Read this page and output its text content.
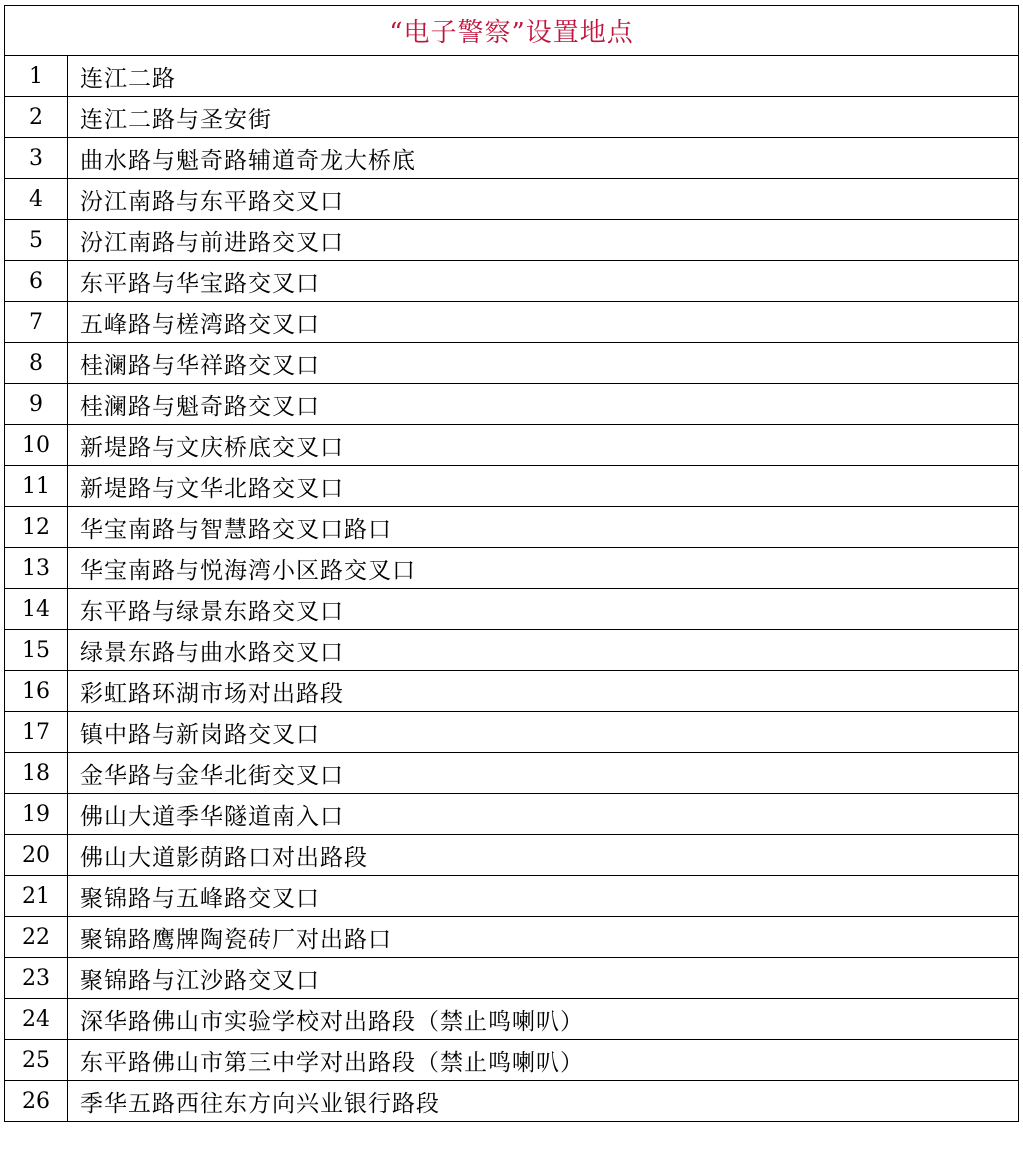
“电子警察”设置地点	
1	连江二路
2	连江二路与圣安街
3	曲水路与魁奇路辅道奇龙大桥底
4	汾江南路与东平路交叉口
5	汾江南路与前进路交叉口
6	东平路与华宝路交叉口
7	五峰路与槎湾路交叉口
8	桂澜路与华祥路交叉口
9	桂澜路与魁奇路交叉口
10	新堤路与文庆桥底交叉口
11	新堤路与文华北路交叉口
12	华宝南路与智慧路交叉口路口
13	华宝南路与悦海湾小区路交叉口
14	东平路与绿景东路交叉口
15	绿景东路与曲水路交叉口
16	彩虹路环湖市场对出路段
17	镇中路与新岗路交叉口
18	金华路与金华北街交叉口
19	佛山大道季华隧道南入口
20	佛山大道影荫路口对出路段
21	聚锦路与五峰路交叉口
22	聚锦路鹰牌陶瓷砖厂对出路口
23	聚锦路与江沙路交叉口
24	深华路佛山市实验学校对出路段（禁止鸣喇叭）
25	东平路佛山市第三中学对出路段（禁止鸣喇叭）
26	季华五路西往东方向兴业银行路段
